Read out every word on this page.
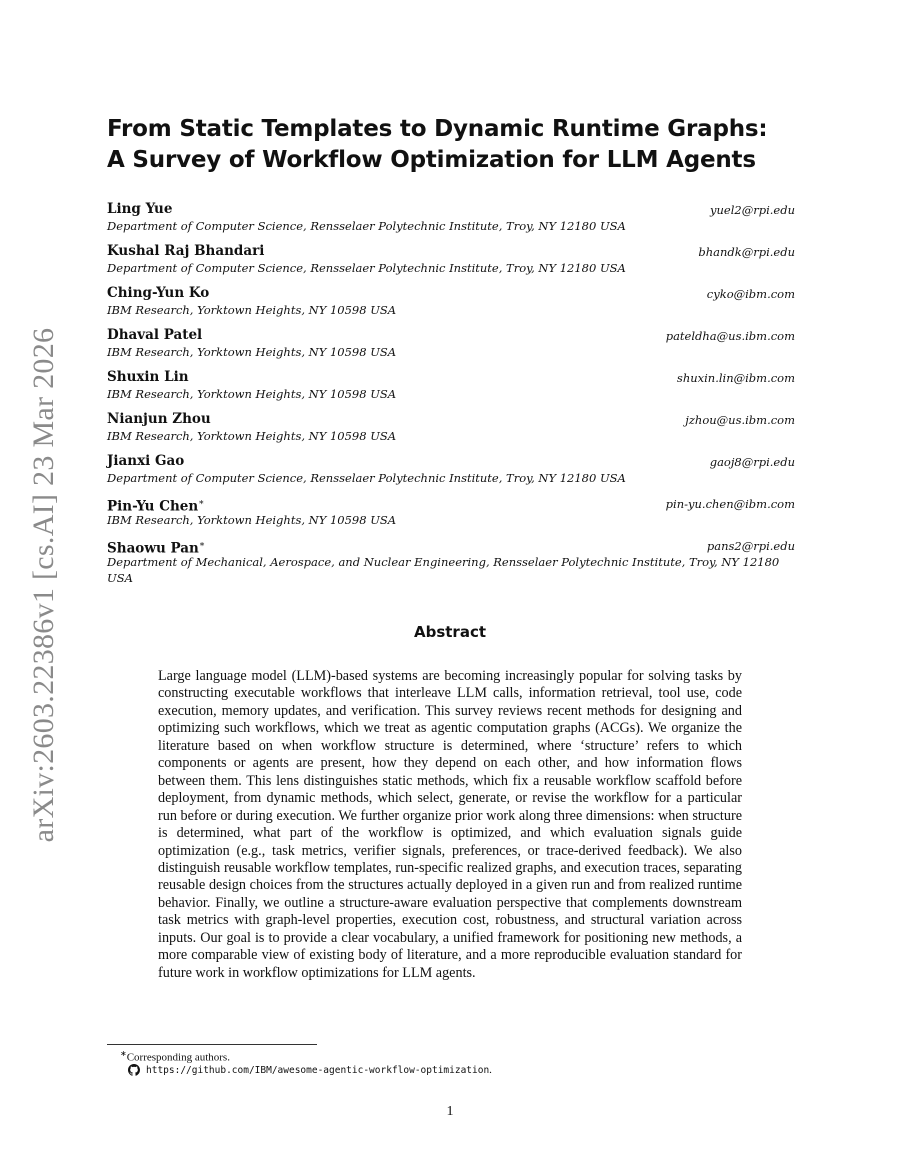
arXiv:2603.22386v1 [cs.AI] 23 Mar 2026
From Static Templates to Dynamic Runtime Graphs:
A Survey of Workflow Optimization for LLM Agents
Ling Yue	yuel2@rpi.edu
Department of Computer Science, Rensselaer Polytechnic Institute, Troy, NY 12180 USA
Kushal Raj Bhandari	bhandk@rpi.edu
Department of Computer Science, Rensselaer Polytechnic Institute, Troy, NY 12180 USA
Ching-Yun Ko	cyko@ibm.com
IBM Research, Yorktown Heights, NY 10598 USA
Dhaval Patel	pateldha@us.ibm.com
IBM Research, Yorktown Heights, NY 10598 USA
Shuxin Lin	shuxin.lin@ibm.com
IBM Research, Yorktown Heights, NY 10598 USA
Nianjun Zhou	jzhou@us.ibm.com
IBM Research, Yorktown Heights, NY 10598 USA
Jianxi Gao	gaoj8@rpi.edu
Department of Computer Science, Rensselaer Polytechnic Institute, Troy, NY 12180 USA
Pin-Yu Chen∗	pin-yu.chen@ibm.com
IBM Research, Yorktown Heights, NY 10598 USA
Shaowu Pan∗	pans2@rpi.edu
Department of Mechanical, Aerospace, and Nuclear Engineering, Rensselaer Polytechnic Institute, Troy, NY 12180 USA
Abstract

Large language model (LLM)-based systems are becoming increasingly popular for solving tasks by constructing executable workflows that interleave LLM calls, information retrieval, tool use, code execution, memory updates, and verification. This survey reviews recent methods for designing and optimizing such workflows, which we treat as agentic computation graphs (ACGs). We organize the literature based on when workflow structure is determined, where ‘structure’ refers to which components or agents are present, how they depend on each other, and how information flows between them. This lens distinguishes static methods, which fix a reusable workflow scaffold before deployment, from dynamic methods, which select, generate, or revise the workflow for a particular run before or during execution. We further organize prior work along three dimensions: when structure is determined, what part of the workflow is optimized, and which evaluation signals guide optimization (e.g., task metrics, verifier signals, preferences, or trace-derived feedback). We also distinguish reusable workflow templates, run-specific realized graphs, and execution traces, separating reusable design choices from the structures actually deployed in a given run and from realized runtime behavior. Finally, we outline a structure-aware evaluation perspective that complements downstream task metrics with graph-level properties, execution cost, robustness, and structural variation across inputs. Our goal is to provide a clear vocabulary, a unified framework for positioning new methods, a more comparable view of existing body of literature, and a more reproducible evaluation standard for future work in workflow optimizations for LLM agents.

∗Corresponding authors.
https://github.com/IBM/awesome-agentic-workflow-optimization .
1
